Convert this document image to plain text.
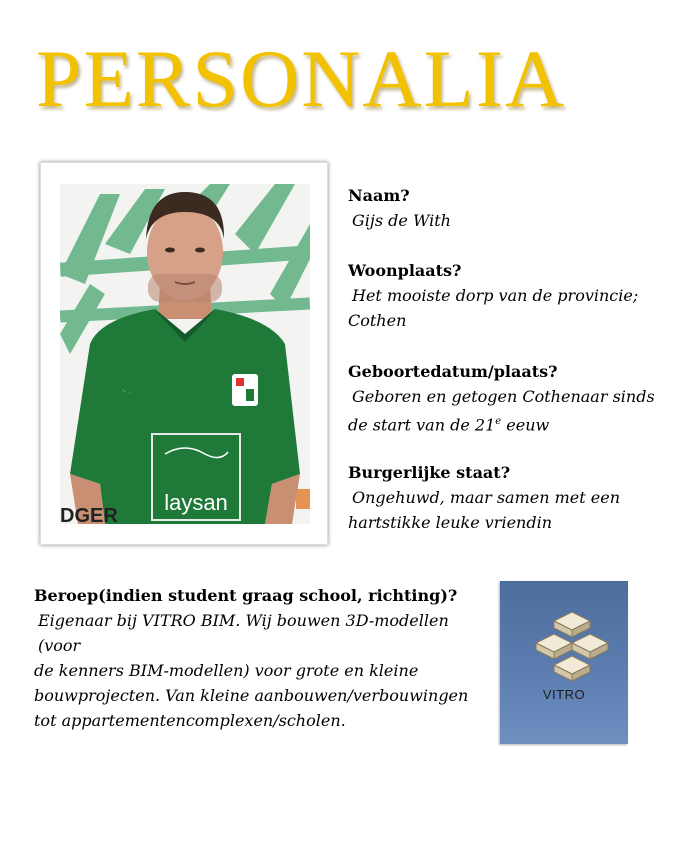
PERSONALIA
laysan
DGER
Naam?
Gijs de With
Woonplaats?
Het mooiste dorp van de provincie;
Cothen
Geboortedatum/plaats?
Geboren en getogen Cothenaar sinds
de start van de 21e eeuw
Burgerlijke staat?
Ongehuwd, maar samen met een
hartstikke leuke vriendin
Beroep(indien student graag school, richting)?
Eigenaar bij VITRO BIM. Wij bouwen 3D-modellen (voor
de kenners BIM-modellen) voor grote en kleine
bouwprojecten. Van kleine aanbouwen/verbouwingen
tot appartementencomplexen/scholen.
VITRO
